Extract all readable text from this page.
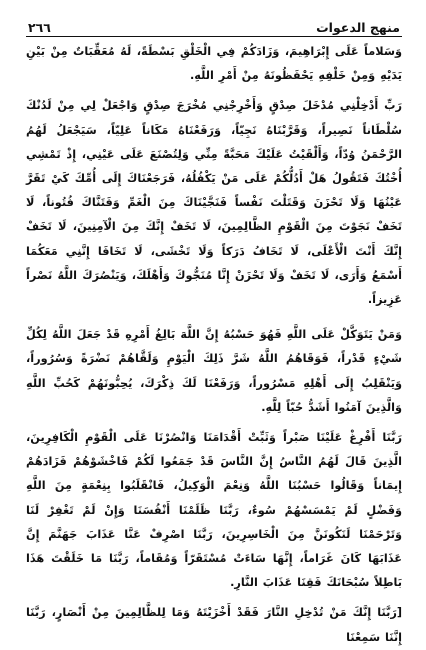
٢٦٦	منهج الدعوات

وَسَلاماً عَلَى إِبْرَاهِيمَ، وَزَادَكُمْ فِي الْخَلْقِ بَسْطَةً، لَهُ مُعَقِّبَاتٌ مِنْ بَيْنِ يَدَيْهِ وَمِنْ خَلْفِهِ يَحْفَظُونَهُ مِنْ أَمْرِ اللَّهِ.

رَبِّ أَدْخِلْنِي مُدْخَلَ صِدْقٍ وَأَخْرِجْنِي مُخْرَجَ صِدْقٍ وَاجْعَلْ لِي مِنْ لَدُنْكَ سُلْطَاناً نَصِيراً، وَقَرَّبْنَاهُ نَجِيّاً، وَرَفَعْنَاهُ مَكَاناً عَلِيّاً، سَيَجْعَلُ لَهُمُ الرَّحْمَنُ وُدّاً، وَأَلْقَيْتُ عَلَيْكَ مَحَبَّةً مِنِّي وَلِتُصْنَعَ عَلَى عَيْنِي، إِذْ تَمْشِي أُخْتُكَ فَتَقُولُ هَلْ أَدُلُّكُمْ عَلَى مَنْ يَكْفُلُهُ، فَرَجَعْنَاكَ إِلَى أُمِّكَ كَيْ تَقَرَّ عَيْنُهَا وَلَا تَحْزَنَ وَقَتَلْتَ نَفْساً فَنَجَّيْنَاكَ مِنَ الْغَمِّ وَفَتَنَّاكَ فُتُوناً، لَا تَخَفْ نَجَوْتَ مِنَ الْقَوْمِ الظَّالِمِينَ، لَا تَخَفْ إِنَّكَ مِنَ الْآمِنِينَ، لَا تَخَفْ إِنَّكَ أَنْتَ الْأَعْلَى، لَا تَخَافُ دَرَكاً وَلَا تَخْشَى، لَا تَخَافَا إِنَّنِي مَعَكُمَا أَسْمَعُ وَأَرَى، لَا تَخَفْ وَلَا تَحْزَنْ إِنَّا مُنَجُّوكَ وَأَهْلَكَ، وَيَنْصُرَكَ اللَّهُ نَصْراً عَزِيزاً.

وَمَنْ يَتَوَكَّلْ عَلَى اللَّهِ فَهُوَ حَسْبُهُ إِنَّ اللَّهَ بَالِغُ أَمْرِهِ قَدْ جَعَلَ اللَّهُ لِكُلِّ شَيْءٍ قَدْراً، فَوَقَاهُمُ اللَّهُ شَرَّ ذَلِكَ الْيَوْمِ وَلَقَّاهُمْ نَضْرَةً وَسُرُوراً، وَيَنْقَلِبُ إِلَى أَهْلِهِ مَسْرُوراً، وَرَفَعْنَا لَكَ ذِكْرَكَ، يُحِبُّونَهُمْ كَحُبِّ اللَّهِ وَالَّذِينَ آمَنُوا أَشَدُّ حُبّاً لِلَّهِ.

رَبَّنَا أَفْرِغْ عَلَيْنَا صَبْراً وَثَبِّتْ أَقْدَامَنَا وَانْصُرْنَا عَلَى الْقَوْمِ الْكَافِرِينَ، الَّذِينَ قَالَ لَهُمُ النَّاسُ إِنَّ النَّاسَ قَدْ جَمَعُوا لَكُمْ فَاخْشَوْهُمْ فَزَادَهُمْ إِيمَاناً وَقَالُوا حَسْبُنَا اللَّهُ وَنِعْمَ الْوَكِيلُ، فَانْقَلَبُوا بِنِعْمَةٍ مِنَ اللَّهِ وَفَضْلٍ لَمْ يَمْسَسْهُمْ سُوءٌ، رَبَّنَا ظَلَمْنَا أَنْفُسَنَا وَإِنْ لَمْ تَغْفِرْ لَنَا وَتَرْحَمْنَا لَنَكُونَنَّ مِنَ الْخَاسِرِينَ، رَبَّنَا اصْرِفْ عَنَّا عَذَابَ جَهَنَّمَ إِنَّ عَذَابَهَا كَانَ غَرَاماً، إِنَّهَا سَاءَتْ مُسْتَقَرّاً وَمُقَاماً، رَبَّنَا مَا خَلَقْتَ هَذَا بَاطِلاً سُبْحَانَكَ فَقِنَا عَذَابَ النَّارِ.

[رَبَّنَا إِنَّكَ مَنْ تُدْخِلِ النَّارَ فَقَدْ أَخْزَيْتَهُ وَمَا لِلظَّالِمِينَ مِنْ أَنْصَارٍ، رَبَّنَا إِنَّنَا سَمِعْنَا
